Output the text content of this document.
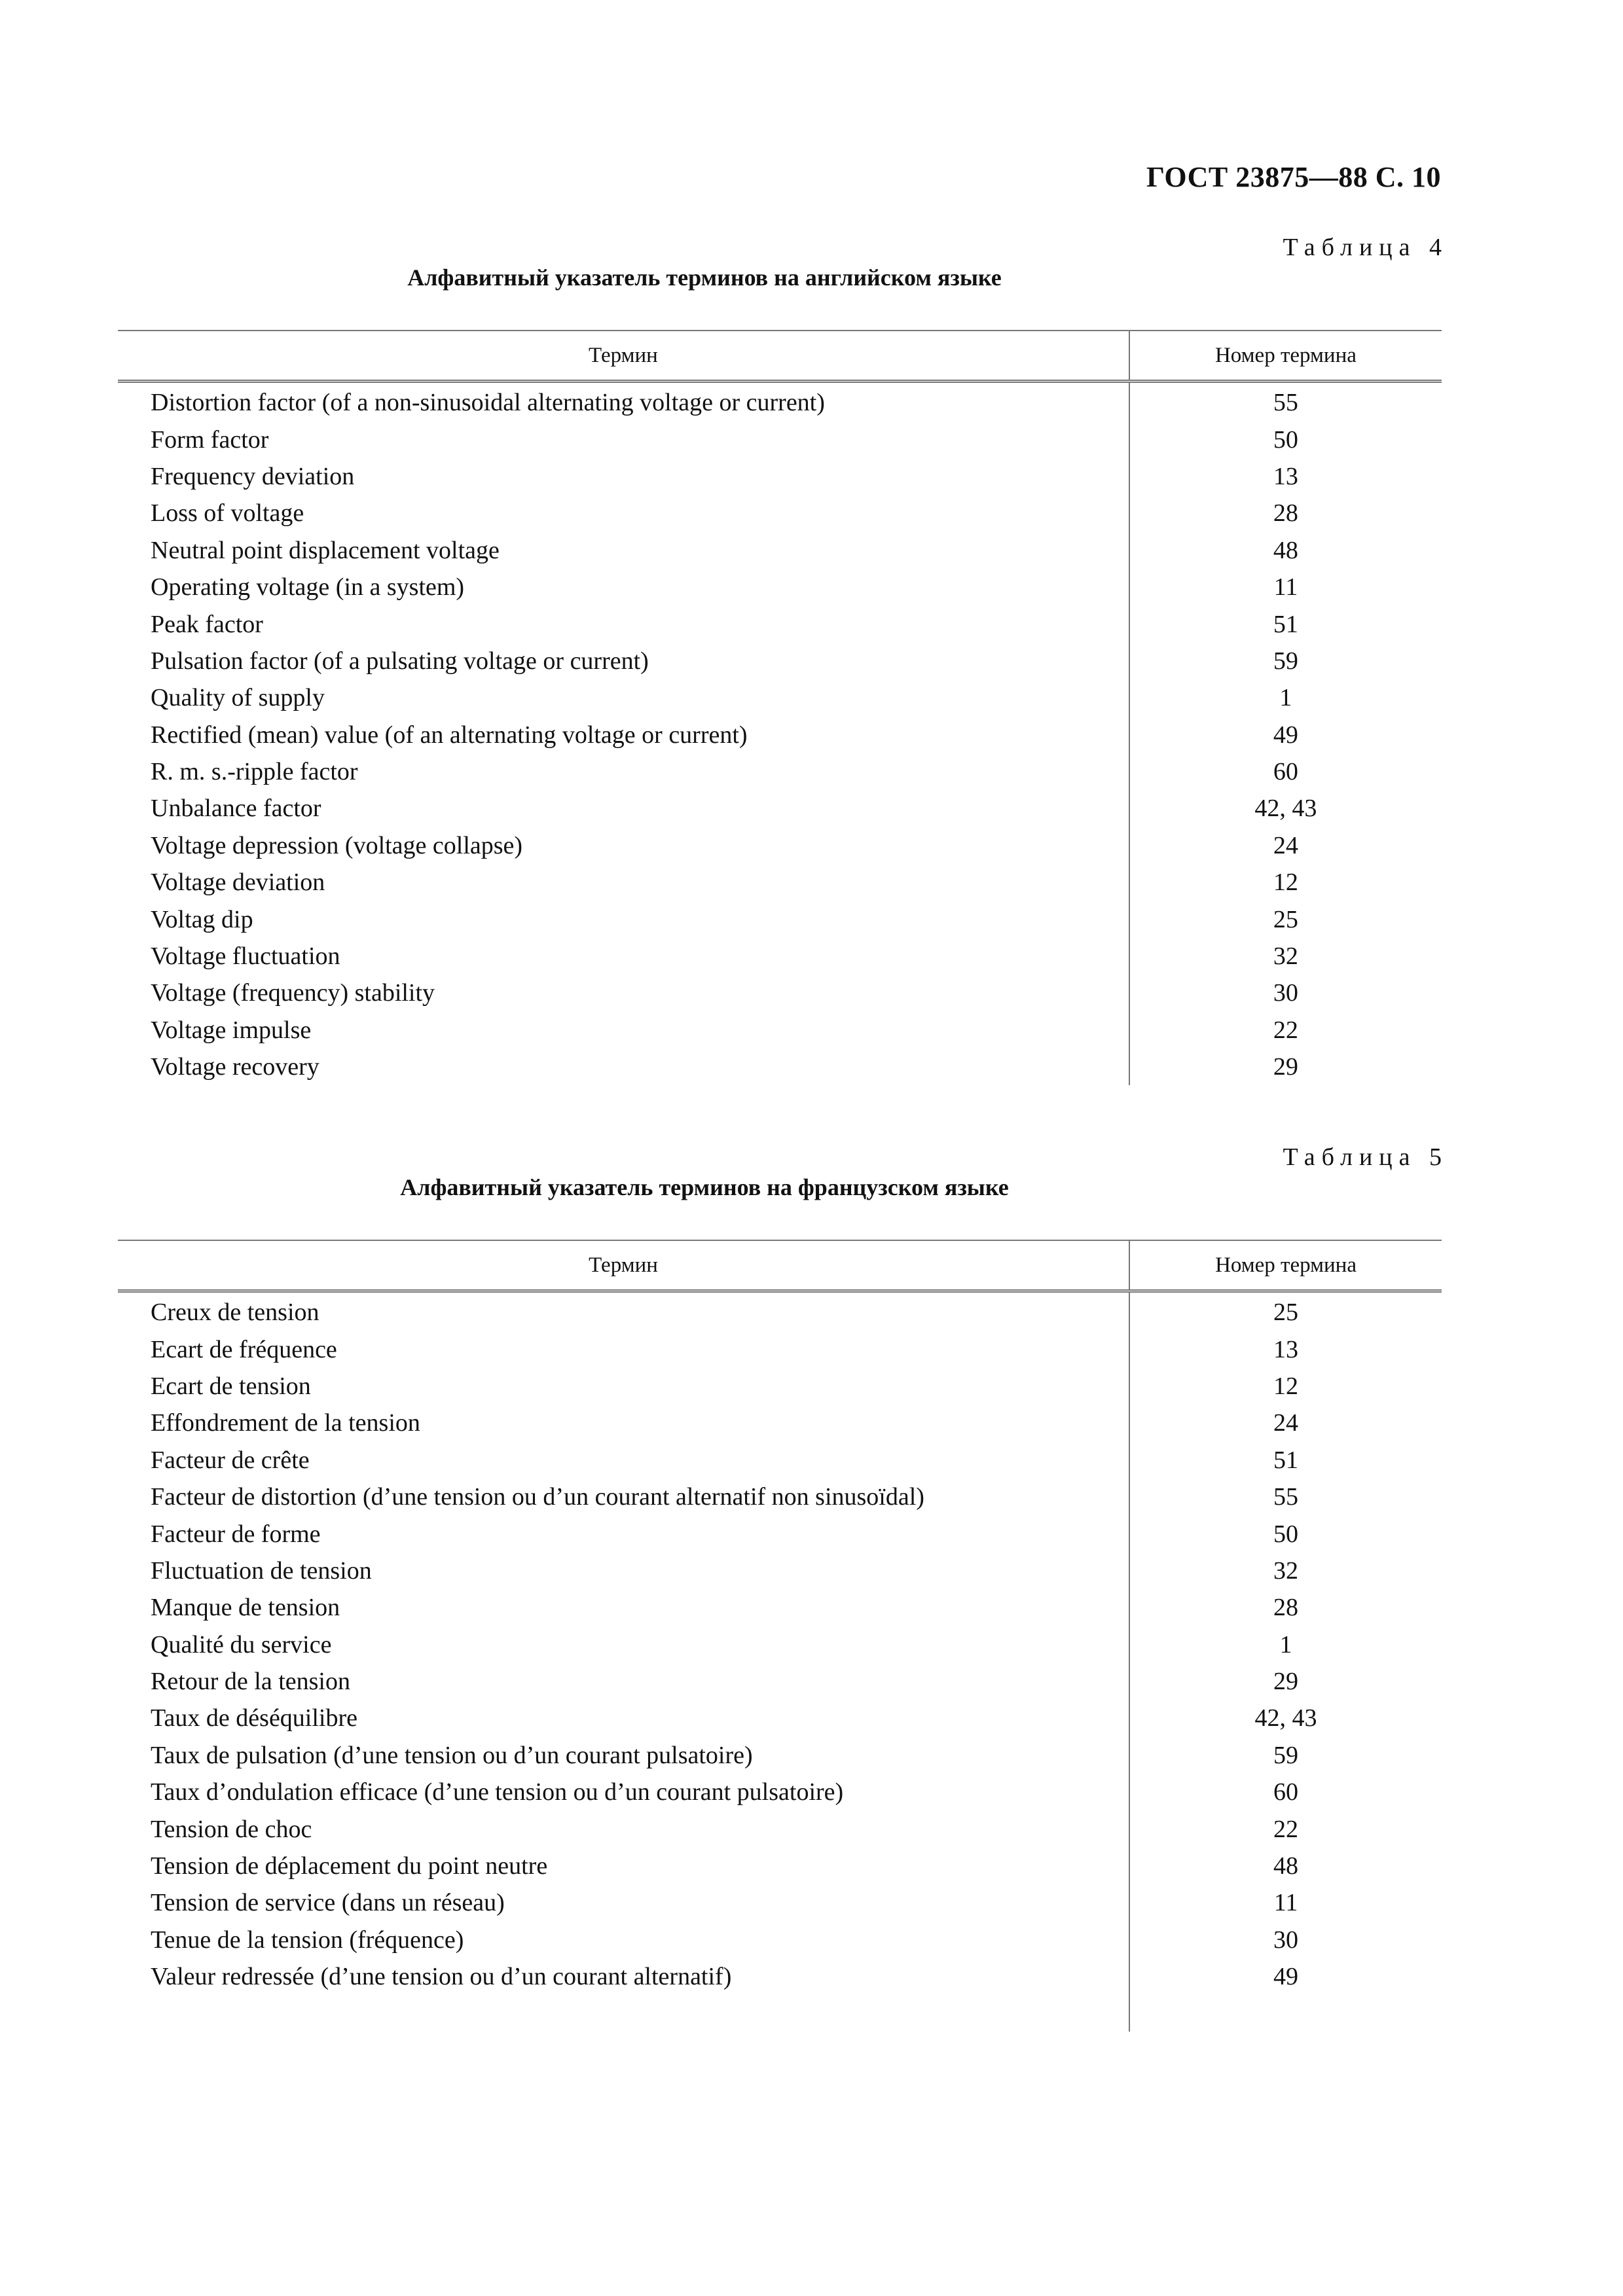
ГОСТ 23875—88 С. 10
Таблица 4
Алфавитный указатель терминов на английском языке
Термин	Номер термина
Distortion factor (of a non-sinusoidal alternating voltage or current)	55
Form factor	50
Frequency deviation	13
Loss of voltage	28
Neutral point displacement voltage	48
Operating voltage (in a system)	11
Peak factor	51
Pulsation factor (of a pulsating voltage or current)	59
Quality of supply	1
Rectified (mean) value (of an alternating voltage or current)	49
R. m. s.-ripple factor	60
Unbalance factor	42, 43
Voltage depression (voltage collapse)	24
Voltage deviation	12
Voltag dip	25
Voltage fluctuation	32
Voltage (frequency) stability	30
Voltage impulse	22
Voltage recovery	29
Таблица 5
Алфавитный указатель терминов на французском языке
Термин	Номер термина
Creux de tension	25
Ecart de fréquence	13
Ecart de tension	12
Effondrement de la tension	24
Facteur de crête	51
Facteur de distortion (d’une tension ou d’un courant alternatif non sinusoïdal)	55
Facteur de forme	50
Fluctuation de tension	32
Manque de tension	28
Qualité du service	1
Retour de la tension	29
Taux de déséquilibre	42, 43
Taux de pulsation (d’une tension ou d’un courant pulsatoire)	59
Taux d’ondulation efficace (d’une tension ou d’un courant pulsatoire)	60
Tension de choc	22
Tension de déplacement du point neutre	48
Tension de service (dans un réseau)	11
Tenue de la tension (fréquence)	30
Valeur redressée (d’une tension ou d’un courant alternatif)	49
